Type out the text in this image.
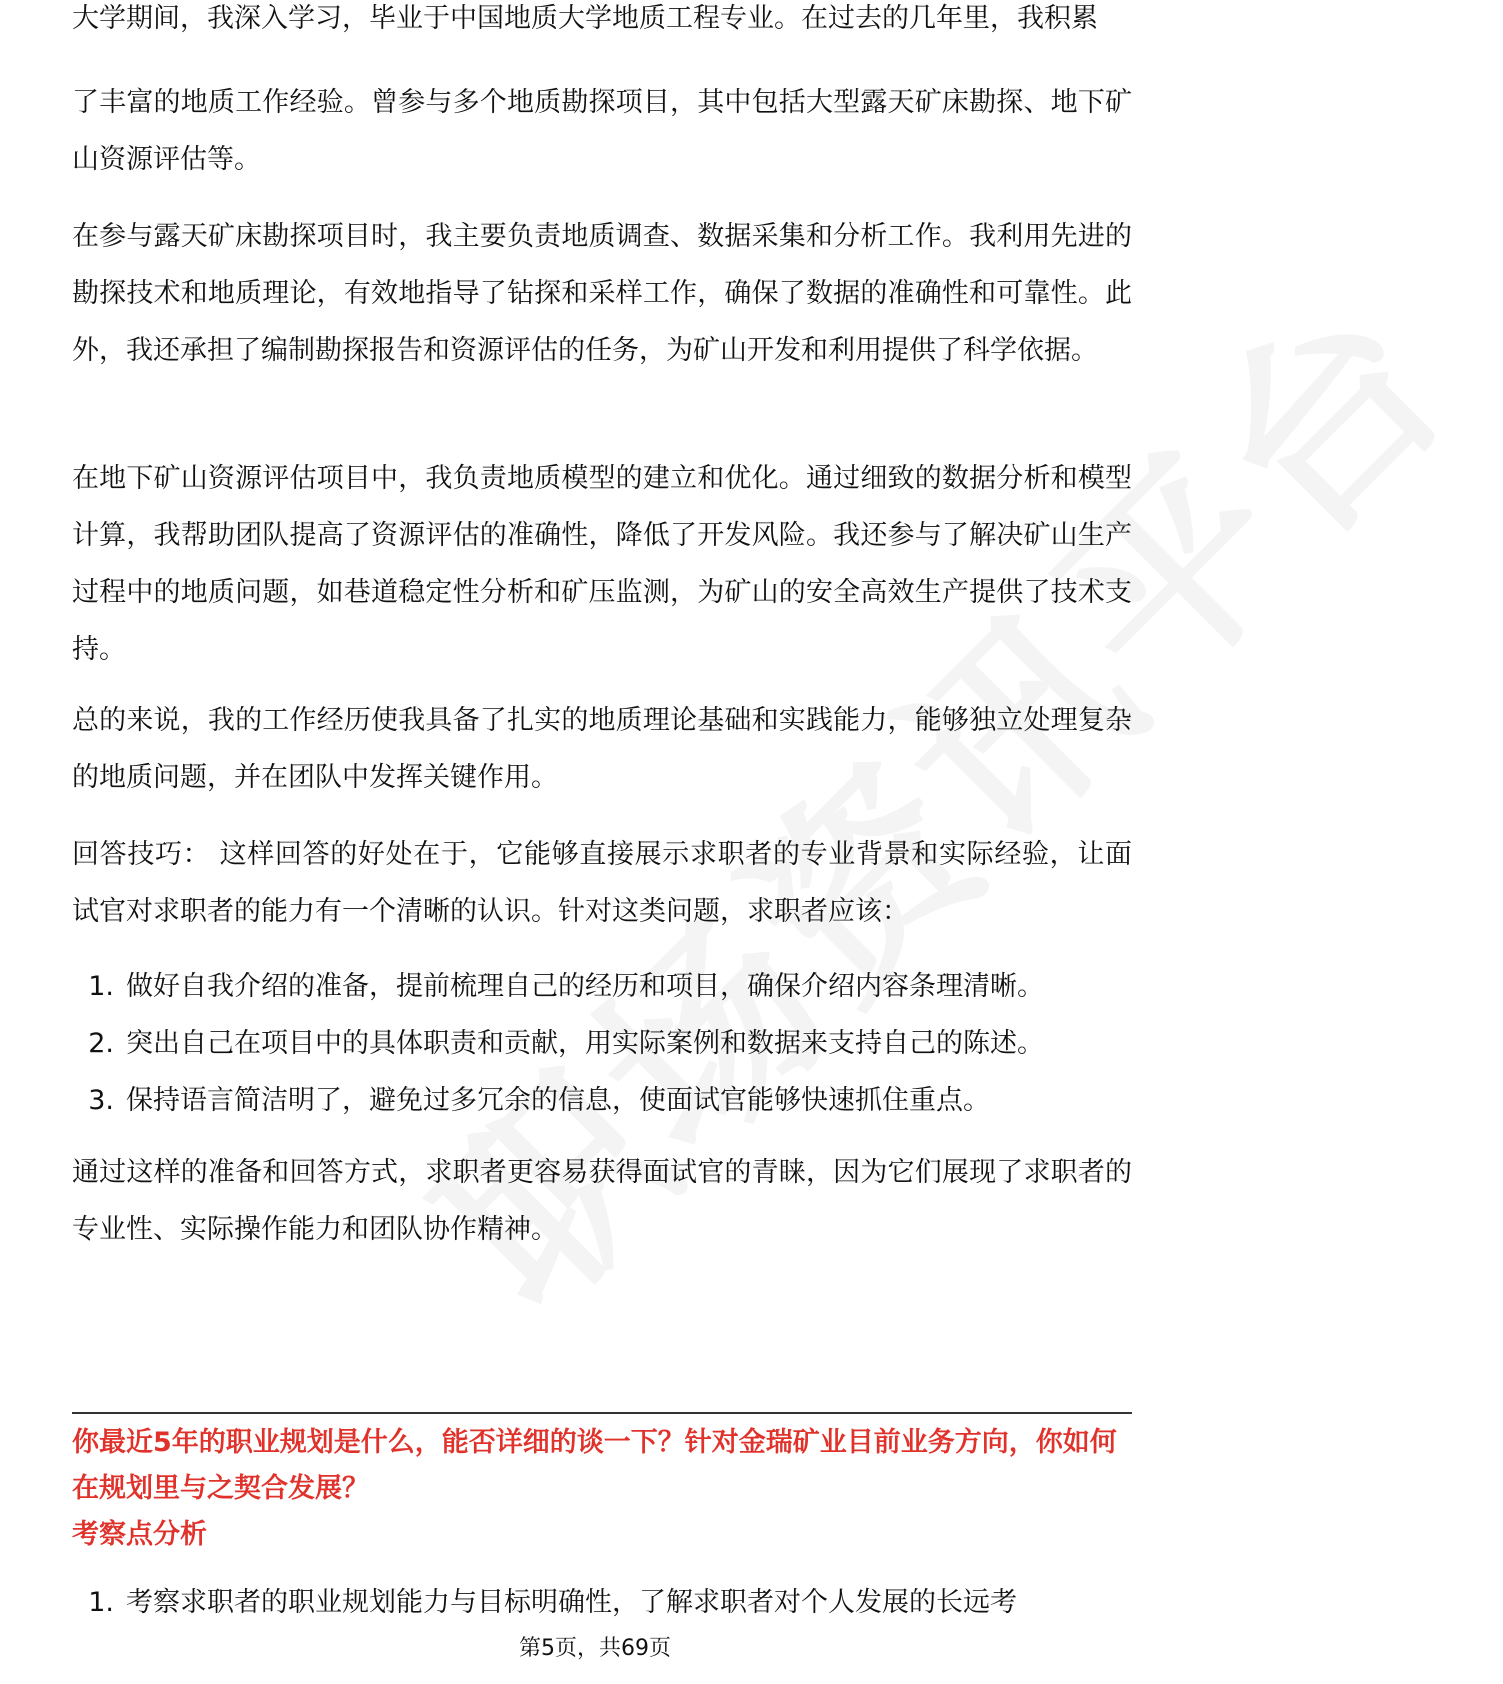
大学期间，我深入学习，毕业于中国地质大学地质工程专业。在过去的几年里，我积累

了丰富的地质工作经验。曾参与多个地质勘探项目，其中包括大型露天矿床勘探、地下矿山资源评估等。

在参与露天矿床勘探项目时，我主要负责地质调查、数据采集和分析工作。我利用先进的勘探技术和地质理论，有效地指导了钻探和采样工作，确保了数据的准确性和可靠性。此外，我还承担了编制勘探报告和资源评估的任务，为矿山开发和利用提供了科学依据。

在地下矿山资源评估项目中，我负责地质模型的建立和优化。通过细致的数据分析和模型计算，我帮助团队提高了资源评估的准确性，降低了开发风险。我还参与了解决矿山生产过程中的地质问题，如巷道稳定性分析和矿压监测，为矿山的安全高效生产提供了技术支持。

总的来说，我的工作经历使我具备了扎实的地质理论基础和实践能力，能够独立处理复杂的地质问题，并在团队中发挥关键作用。

回答技巧： 这样回答的好处在于，它能够直接展示求职者的专业背景和实际经验，让面试官对求职者的能力有一个清晰的认识。针对这类问题，求职者应该：

1. 做好自我介绍的准备，提前梳理自己的经历和项目，确保介绍内容条理清晰。
2. 突出自己在项目中的具体职责和贡献，用实际案例和数据来支持自己的陈述。
3. 保持语言简洁明了，避免过多冗余的信息，使面试官能够快速抓住重点。

通过这样的准备和回答方式，求职者更容易获得面试官的青睐，因为它们展现了求职者的专业性、实际操作能力和团队协作精神。

你最近5年的职业规划是什么，能否详细的谈一下？针对金瑞矿业目前业务方向，你如何在规划里与之契合发展？

考察点分析

1. 考察求职者的职业规划能力与目标明确性，了解求职者对个人发展的长远考
第5页，共69页
